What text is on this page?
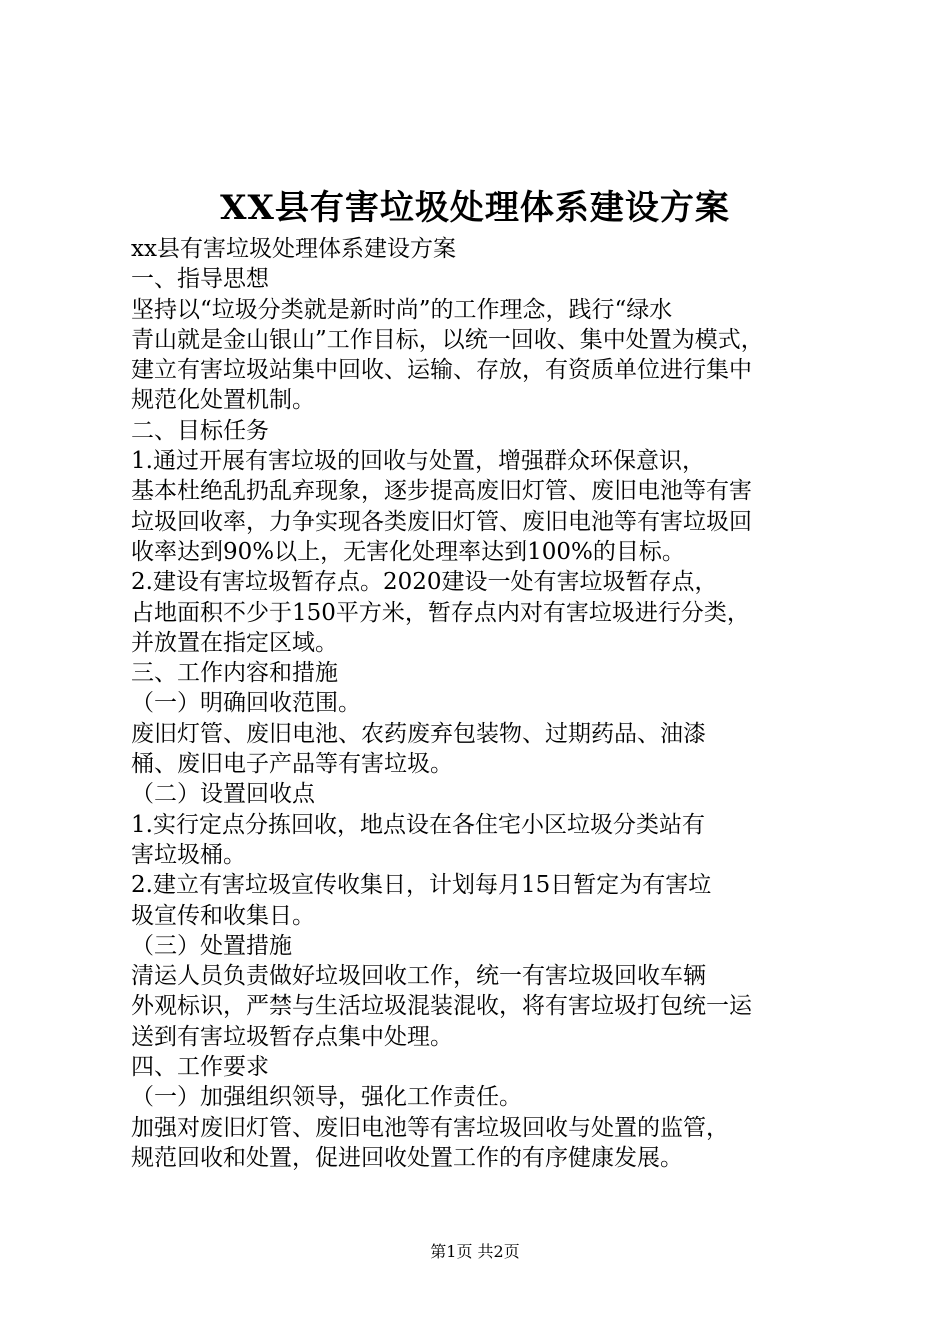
XX县有害垃圾处理体系建设方案

xx县有害垃圾处理体系建设方案

一、指导思想

坚持以“垃圾分类就是新时尚”的工作理念，践行“绿水

青山就是金山银山”工作目标，以统一回收、集中处置为模式，

建立有害垃圾站集中回收、运输、存放，有资质单位进行集中

规范化处置机制。

二、目标任务

1.通过开展有害垃圾的回收与处置，增强群众环保意识，

基本杜绝乱扔乱弃现象，逐步提高废旧灯管、废旧电池等有害

垃圾回收率，力争实现各类废旧灯管、废旧电池等有害垃圾回

收率达到90%以上，无害化处理率达到100%的目标。

2.建设有害垃圾暂存点。2020建设一处有害垃圾暂存点，

占地面积不少于150平方米，暂存点内对有害垃圾进行分类，

并放置在指定区域。

三、工作内容和措施

（一）明确回收范围。

废旧灯管、废旧电池、农药废弃包装物、过期药品、油漆

桶、废旧电子产品等有害垃圾。

（二）设置回收点

1.实行定点分拣回收，地点设在各住宅小区垃圾分类站有

害垃圾桶。

2.建立有害垃圾宣传收集日，计划每月15日暂定为有害垃

圾宣传和收集日。

（三）处置措施

清运人员负责做好垃圾回收工作，统一有害垃圾回收车辆

外观标识，严禁与生活垃圾混装混收，将有害垃圾打包统一运

送到有害垃圾暂存点集中处理。

四、工作要求

（一）加强组织领导，强化工作责任。

加强对废旧灯管、废旧电池等有害垃圾回收与处置的监管，

规范回收和处置，促进回收处置工作的有序健康发展。

第1页 共2页
